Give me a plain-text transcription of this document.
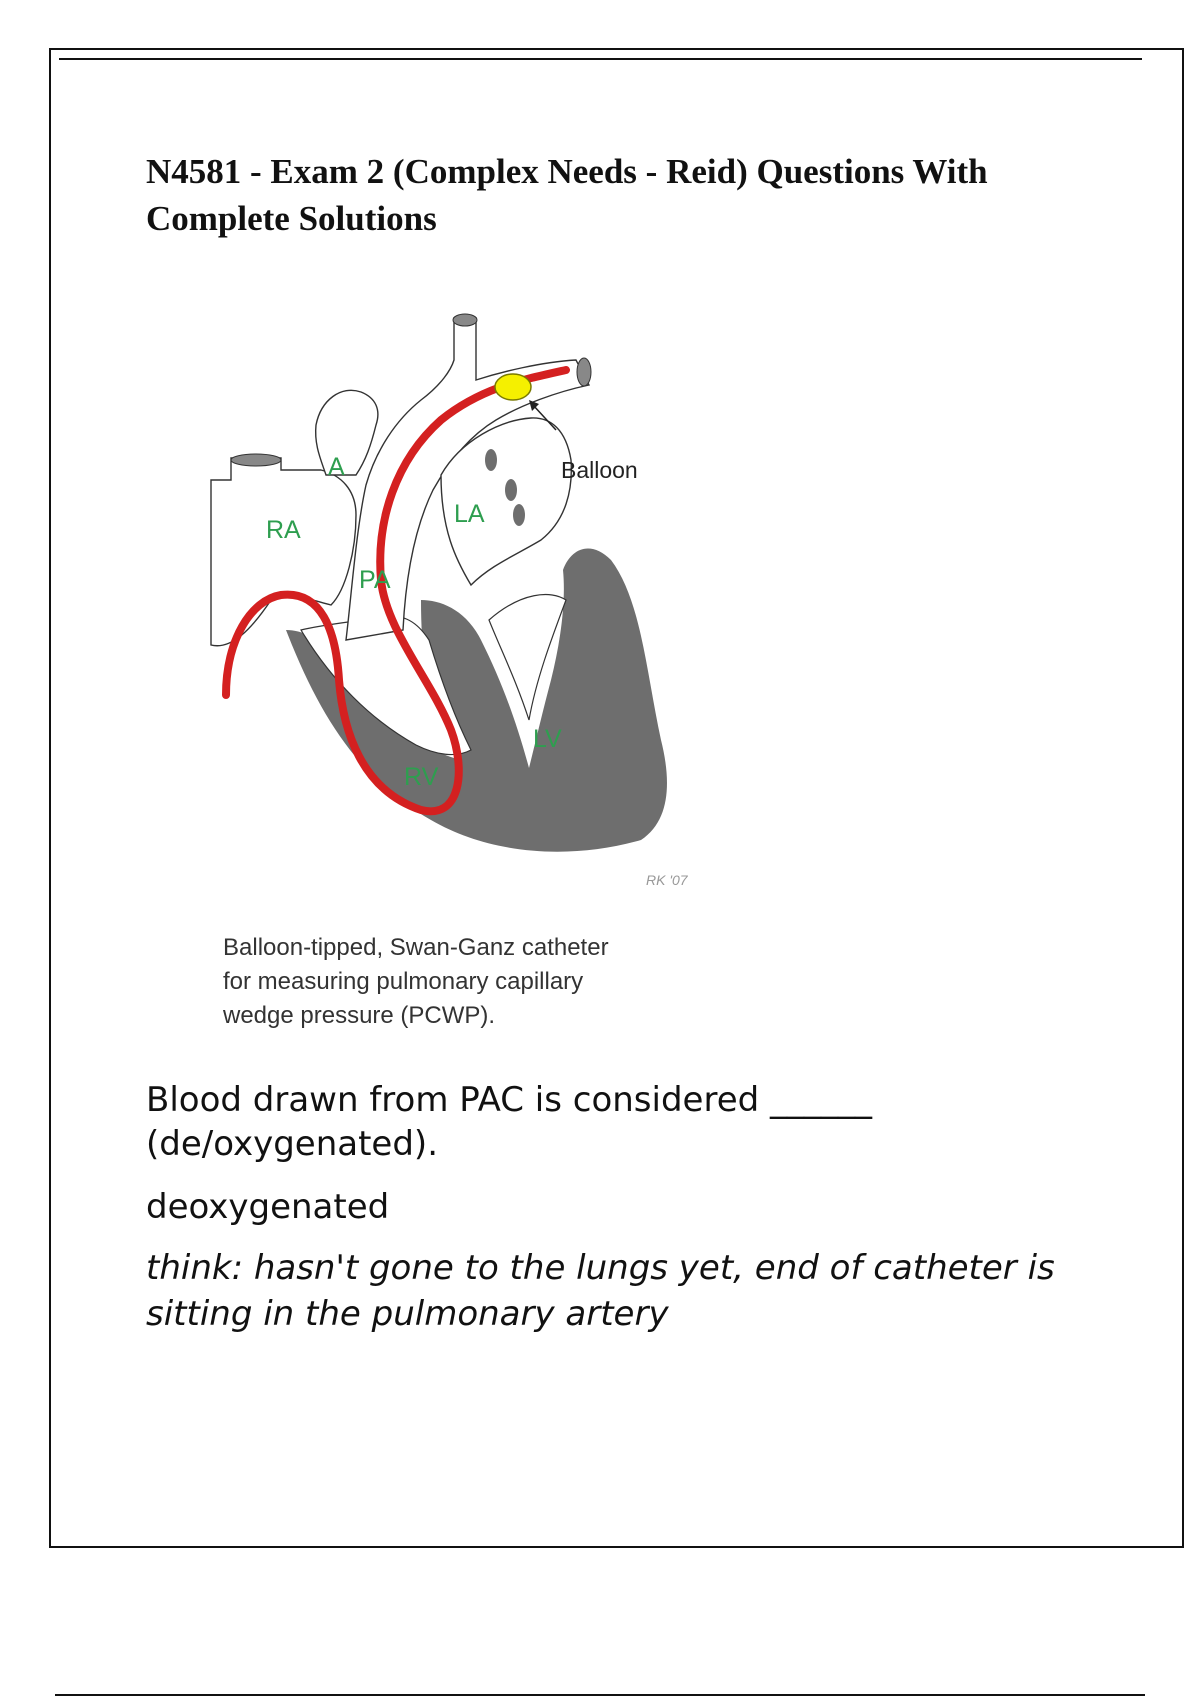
N4581 - Exam 2 (Complex Needs - Reid) Questions With Complete Solutions
A
RA
LA
PA
LV
RV
Balloon
RK '07
Balloon-tipped, Swan-Ganz catheter
for measuring pulmonary capillary
wedge pressure (PCWP).

Blood drawn from PAC is considered ______ (de/oxygenated).

deoxygenated

think: hasn't gone to the lungs yet, end of catheter is sitting in the pulmonary artery
